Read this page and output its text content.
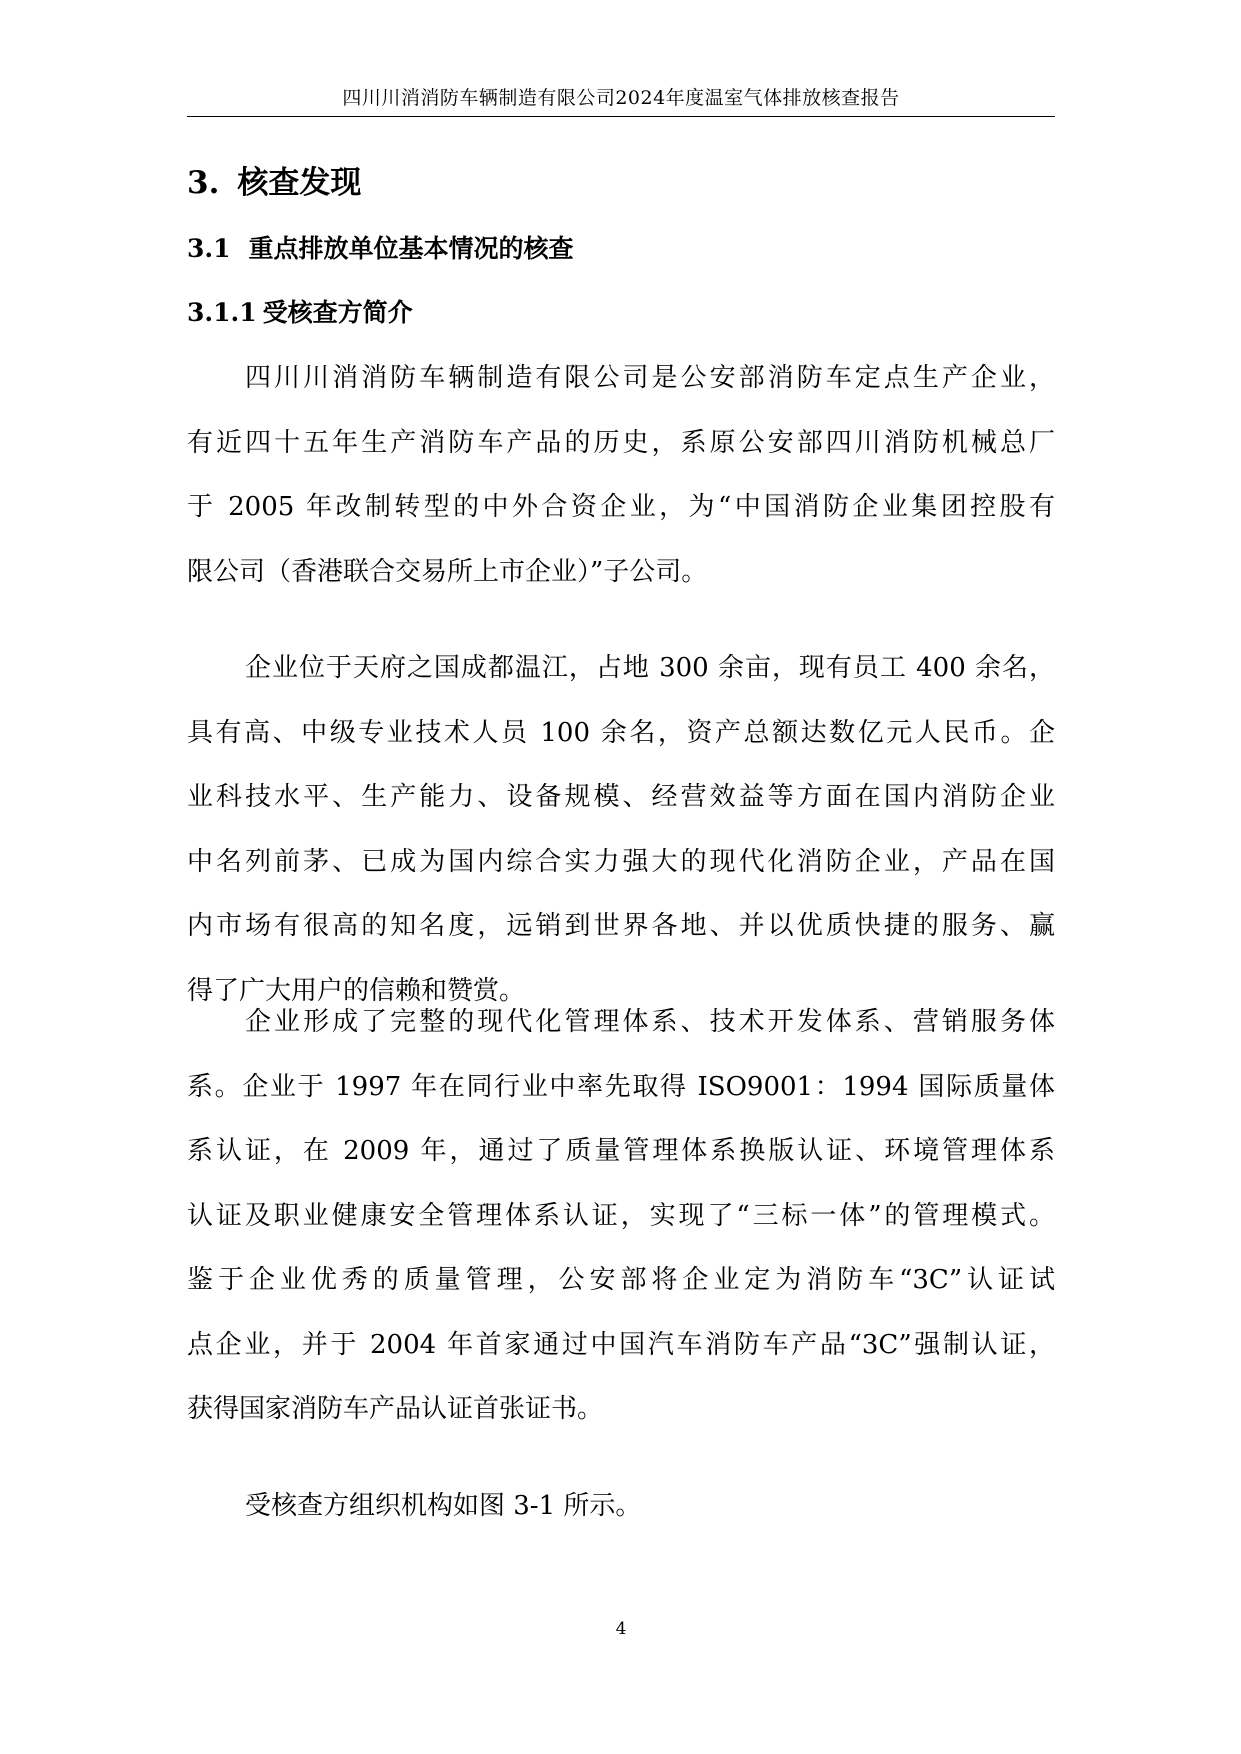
四川川消消防车辆制造有限公司2024年度温室气体排放核查报告
3. 核查发现
3.1 重点排放单位基本情况的核查
3.1.1 受核查方简介
四川川消消防车辆制造有限公司是公安部消防车定点生产企业，
有近四十五年生产消防车产品的历史，系原公安部四川消防机械总厂
于 2005 年改制转型的中外合资企业，为“中国消防企业集团控股有
限公司（香港联合交易所上市企业）”子公司。
企业位于天府之国成都温江，占地 300 余亩，现有员工 400 余名，
具有高、中级专业技术人员 100 余名，资产总额达数亿元人民币。企
业科技水平、生产能力、设备规模、经营效益等方面在国内消防企业
中名列前茅、已成为国内综合实力强大的现代化消防企业，产品在国
内市场有很高的知名度，远销到世界各地、并以优质快捷的服务、赢
得了广大用户的信赖和赞赏。
企业形成了完整的现代化管理体系、技术开发体系、营销服务体
系。企业于 1997 年在同行业中率先取得 ISO9001：1994 国际质量体
系认证，在 2009 年，通过了质量管理体系换版认证、环境管理体系
认证及职业健康安全管理体系认证，实现了“三标一体”的管理模式。
鉴于企业优秀的质量管理，公安部将企业定为消防车“3C”认证试
点企业，并于 2004 年首家通过中国汽车消防车产品“3C”强制认证，
获得国家消防车产品认证首张证书。
受核查方组织机构如图 3-1 所示。
4
